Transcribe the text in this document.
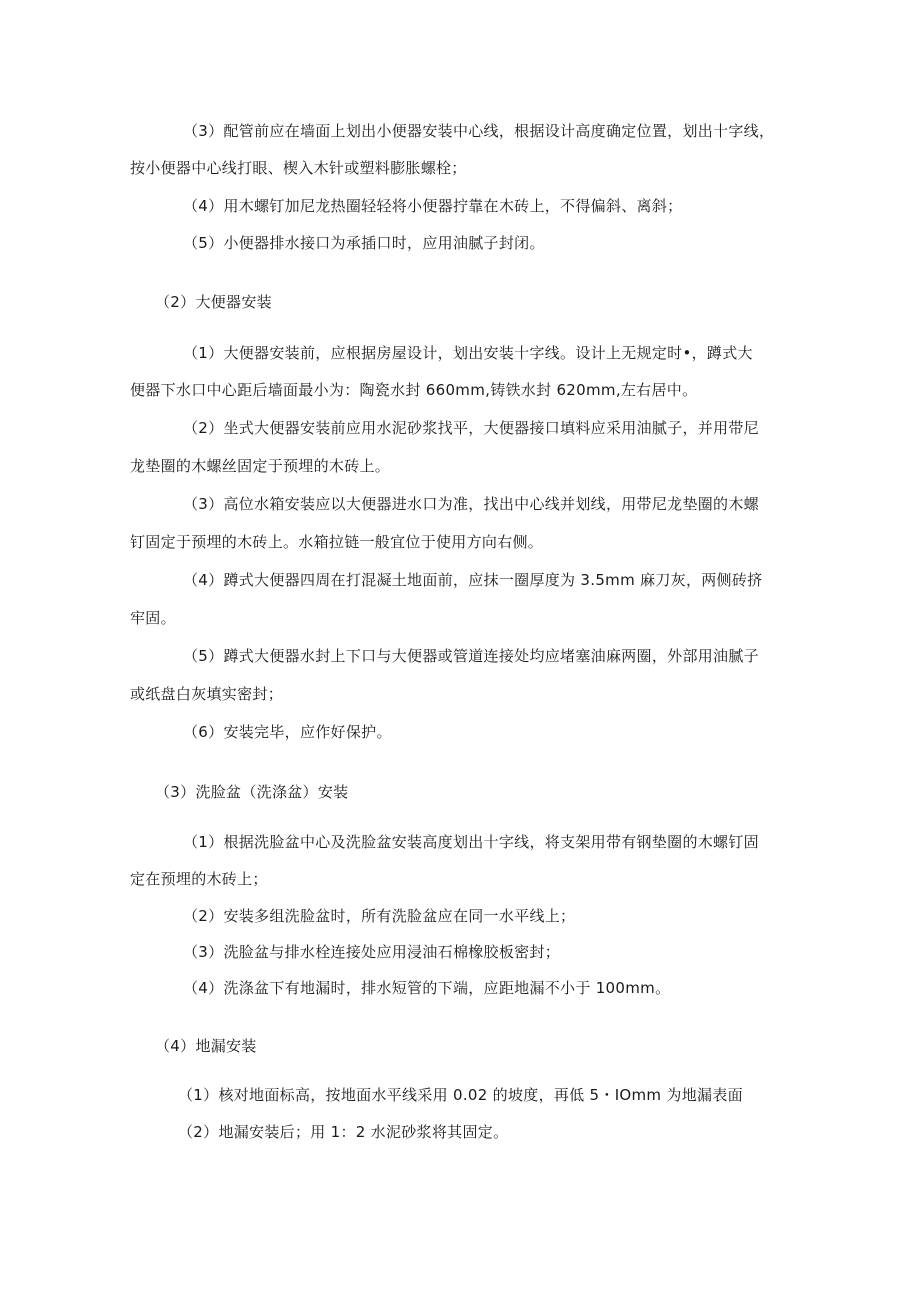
（3）配管前应在墙面上划出小便器安装中心线，根据设计高度确定位置，划出十字线，
按小便器中心线打眼、楔入木针或塑料膨胀螺栓；
（4）用木螺钉加尼龙热圈轻轻将小便器拧靠在木砖上，不得偏斜、离斜；
（5）小便器排水接口为承插口时，应用油腻子封闭。
（2）大便器安装
（1）大便器安装前，应根据房屋设计，划出安装十字线。设计上无规定时•，蹲式大
便器下水口中心距后墙面最小为：陶瓷水封 660mm,铸铁水封 620mm,左右居中。
（2）坐式大便器安装前应用水泥砂浆找平，大便器接口填料应采用油腻子，并用带尼
龙垫圈的木螺丝固定于预埋的木砖上。
（3）高位水箱安装应以大便器进水口为准，找出中心线并划线，用带尼龙垫圈的木螺
钉固定于预埋的木砖上。水箱拉链一般宜位于使用方向右侧。
（4）蹲式大便器四周在打混凝土地面前，应抹一圈厚度为 3.5mm 麻刀灰，两侧砖挤
牢固。
（5）蹲式大便器水封上下口与大便器或管道连接处均应堵塞油麻两圈，外部用油腻子
或纸盘白灰填实密封；
（6）安装完毕，应作好保护。
（3）洗脸盆（洗涤盆）安装
（1）根据洗脸盆中心及洗脸盆安装高度划出十字线，将支架用带有钢垫圈的木螺钉固
定在预埋的木砖上；
（2）安装多组洗脸盆时，所有洗脸盆应在同一水平线上；
（3）洗脸盆与排水栓连接处应用浸油石棉橡胶板密封；
（4）洗涤盆下有地漏时，排水短管的下端，应距地漏不小于 100mm。
（4）地漏安装
（1）核对地面标高，按地面水平线采用 0.02 的坡度，再低 5・IOmm 为地漏表面
（2）地漏安装后；用 1：2 水泥砂浆将其固定。
